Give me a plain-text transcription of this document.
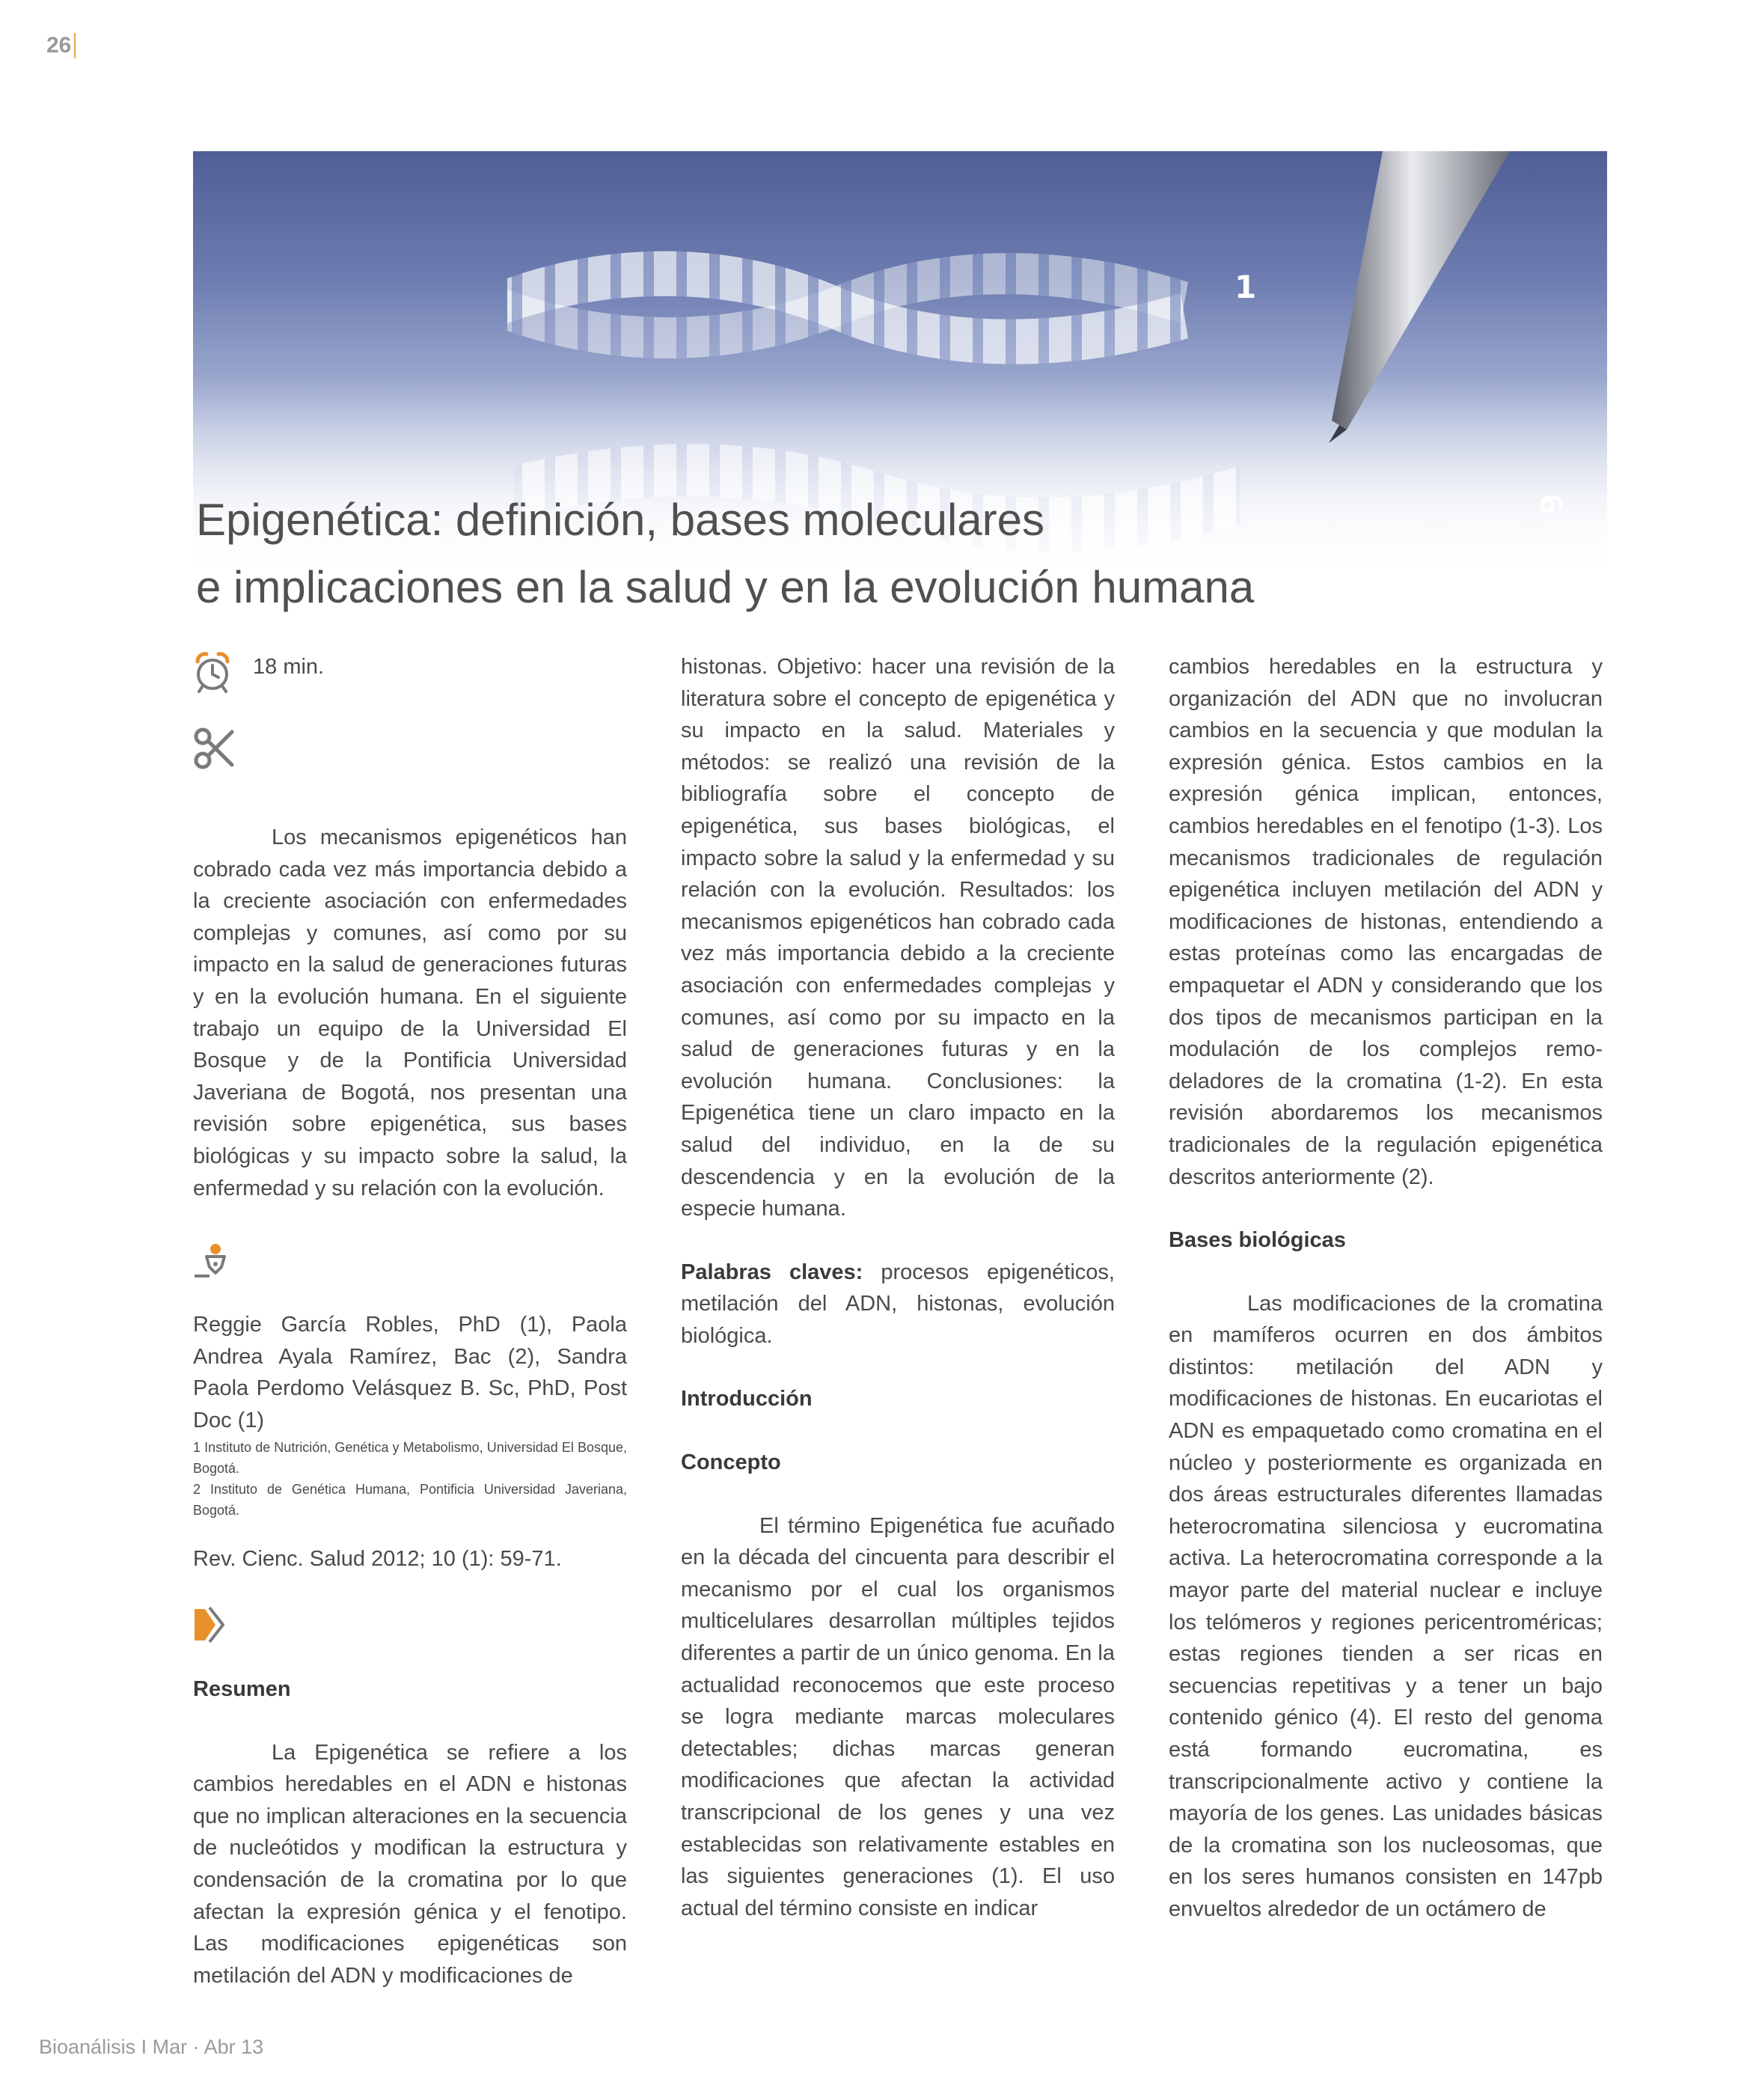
26
1
6
Epigenética: definición, bases moleculares
e implicaciones en la salud y en la evolución humana
18 min.

Los mecanismos epigenéticos han cobrado cada vez más importancia debido a la creciente asociación con enfermedades complejas y comunes, así como por su impacto en la salud de generaciones futuras y en la evolución humana. En el siguiente trabajo un equipo de la Universidad El Bosque y de la Pontificia Universidad Javeriana de Bogotá, nos presentan una revisión sobre epigenética, sus bases biológicas y su impacto sobre la salud, la enfermedad y su relación con la evolución.

Reggie García Robles, PhD (1), Paola Andrea Ayala Ramírez, Bac (2), Sandra Paola Perdomo Velásquez B. Sc, PhD, Post Doc (1)

1 Instituto de Nutrición, Genética y Metabolismo, Universidad El Bosque, Bogotá.

2 Instituto de Genética Humana, Pontificia Universidad Javeriana, Bogotá.

Rev. Cienc. Salud 2012; 10 (1): 59-71.

Resumen

La Epigenética se refiere a los cambios heredables en el ADN e histonas que no implican alteraciones en la secuencia de nucleótidos y modifican la estructura y condensación de la cromatina por lo que afectan la expresión génica y el fenotipo. Las modificaciones epigenéticas son metilación del ADN y modificaciones de

histonas. Objetivo: hacer una revisión de la literatura sobre el concepto de epigenética y su impacto en la salud. Materiales y métodos: se realizó una revisión de la bibliografía sobre el concepto de epigenética, sus bases biológicas, el impacto sobre la salud y la enfermedad y su relación con la evolución. Resultados: los mecanismos epigenéticos han cobrado cada vez más importancia debido a la creciente asociación con enfermedades complejas y comunes, así como por su impacto en la salud de generaciones futuras y en la evolución humana. Conclusiones: la Epigenética tiene un claro impacto en la salud del individuo, en la de su descendencia y en la evolución de la especie humana.

Palabras claves: procesos epigenéticos, metilación del ADN, histonas, evolución biológica.

Introducción
Concepto

El término Epigenética fue acuñado en la década del cincuenta para describir el mecanismo por el cual los organismos multicelulares desarrollan múltiples tejidos diferentes a partir de un único genoma. En la actualidad reconocemos que este proceso se logra mediante marcas moleculares detectables; dichas marcas generan modificaciones que afectan la actividad transcripcional de los genes y una vez establecidas son relativamente estables en las siguientes generaciones (1). El uso actual del término consiste en indicar

cambios heredables en la estructura y organización del ADN que no involucran cambios en la secuencia y que modulan la expresión génica. Estos cambios en la expresión génica implican, entonces, cambios heredables en el fenotipo (1-3). Los mecanismos tradicionales de regulación epigenética incluyen metilación del ADN y modificaciones de histonas, entendiendo a estas proteínas como las encargadas de empaquetar el ADN y considerando que los dos tipos de mecanismos participan en la modulación de los complejos remo-deladores de la cromatina (1-2). En esta revisión abordaremos los mecanismos tradicionales de la regulación epigenética descritos anteriormente (2).

Bases biológicas

Las modificaciones de la cromatina en mamíferos ocurren en dos ámbitos distintos: metilación del ADN y modificaciones de histonas. En eucariotas el ADN es empaquetado como cromatina en el núcleo y posteriormente es organizada en dos áreas estructurales diferentes llamadas heterocromatina silenciosa y eucromatina activa. La heterocromatina corresponde a la mayor parte del material nuclear e incluye los telómeros y regiones pericentroméricas; estas regiones tienden a ser ricas en secuencias repetitivas y a tener un bajo contenido génico (4). El resto del genoma está formando eucromatina, es transcripcionalmente activo y contiene la mayoría de los genes. Las unidades básicas de la cromatina son los nucleosomas, que en los seres humanos consisten en 147pb envueltos alrededor de un octámero de

Bioanálisis I Mar · Abr 13
